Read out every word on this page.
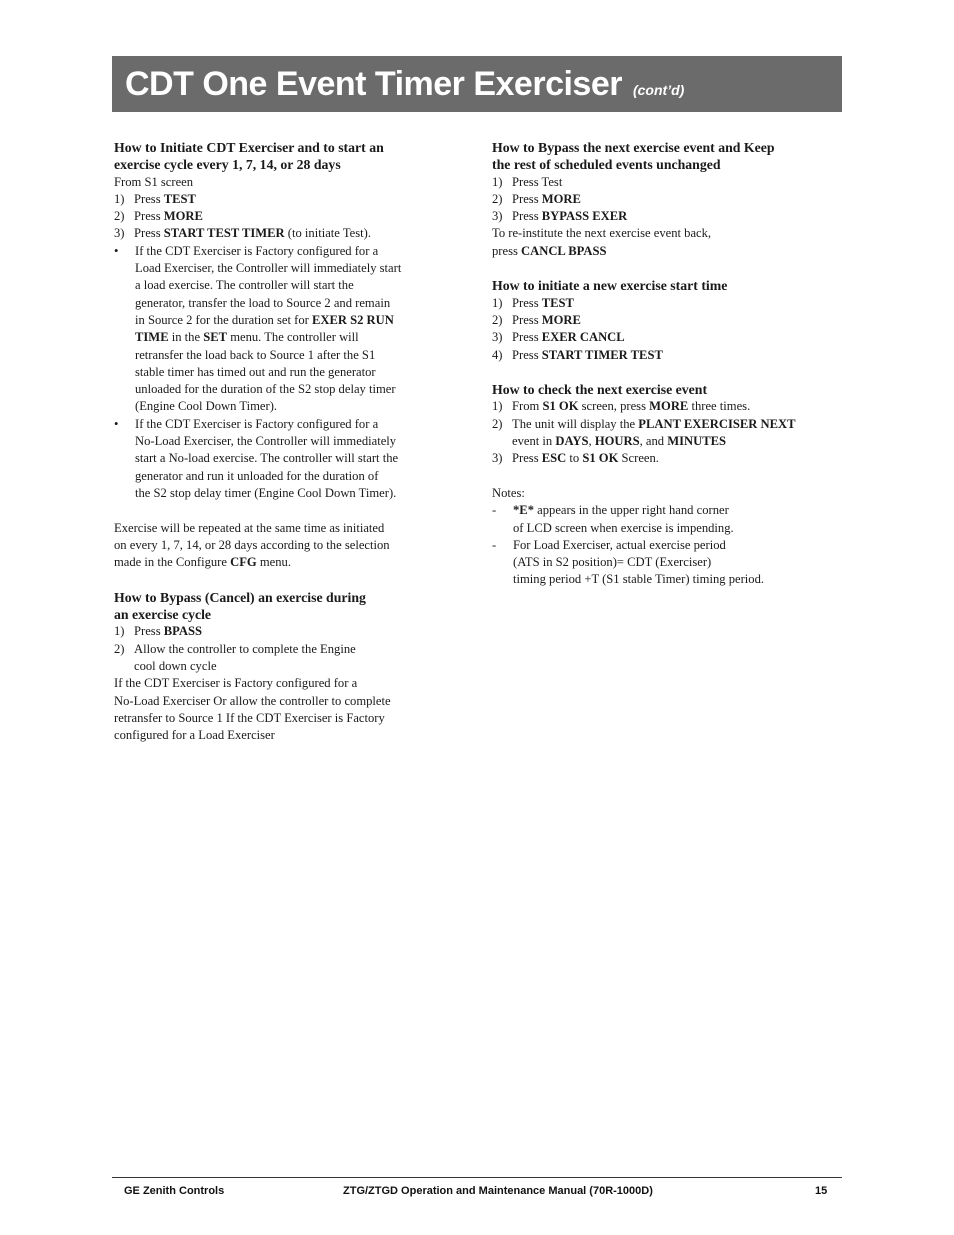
CDT One Event Timer Exerciser (cont’d)

How to Initiate CDT Exerciser and to start an
exercise cycle every 1, 7, 14, or 28 days

From S1 screen

1) Press TEST
2) Press MORE
3) Press START TEST TIMER (to initiate Test).
•	If the CDT Exerciser is Factory configured for a
Load Exerciser, the Controller will immediately start
a load exercise. The controller will start the
generator, transfer the load to Source 2 and remain
in Source 2 for the duration set for EXER S2 RUN
TIME in the SET menu. The controller will
retransfer the load back to Source 1 after the S1
stable timer has timed out and run the generator
unloaded for the duration of the S2 stop delay timer
(Engine Cool Down Timer).
•	If the CDT Exerciser is Factory configured for a
No-Load Exerciser, the Controller will immediately
start a No-load exercise. The controller will start the
generator and run it unloaded for the duration of
the S2 stop delay timer (Engine Cool Down Timer).

Exercise will be repeated at the same time as initiated
on every 1, 7, 14, or 28 days according to the selection
made in the Configure CFG menu.

How to Bypass (Cancel) an exercise during
an exercise cycle

1) Press BPASS
2) Allow the controller to complete the Engine
cool down cycle

If the CDT Exerciser is Factory configured for a
No-Load Exerciser Or allow the controller to complete
retransfer to Source 1 If the CDT Exerciser is Factory
configured for a Load Exerciser

How to Bypass the next exercise event and Keep
the rest of scheduled events unchanged

1) Press Test
2) Press MORE
3) Press BYPASS EXER

To re-institute the next exercise event back,
press CANCL BPASS

How to initiate a new exercise start time

1) Press TEST
2) Press MORE
3) Press EXER CANCL
4) Press START TIMER TEST

How to check the next exercise event

1) From S1 OK screen, press MORE three times.
2) The unit will display the PLANT EXERCISER NEXT
event in DAYS, HOURS, and MINUTES
3) Press ESC to S1 OK Screen.

Notes:

-	*E* appears in the upper right hand corner
of LCD screen when exercise is impending.
-	For Load Exerciser, actual exercise period
(ATS in S2 position)= CDT (Exerciser)
timing period +T (S1 stable Timer) timing period.
GE Zenith Controls	ZTG/ZTGD Operation and Maintenance Manual (70R-1000D)	15
